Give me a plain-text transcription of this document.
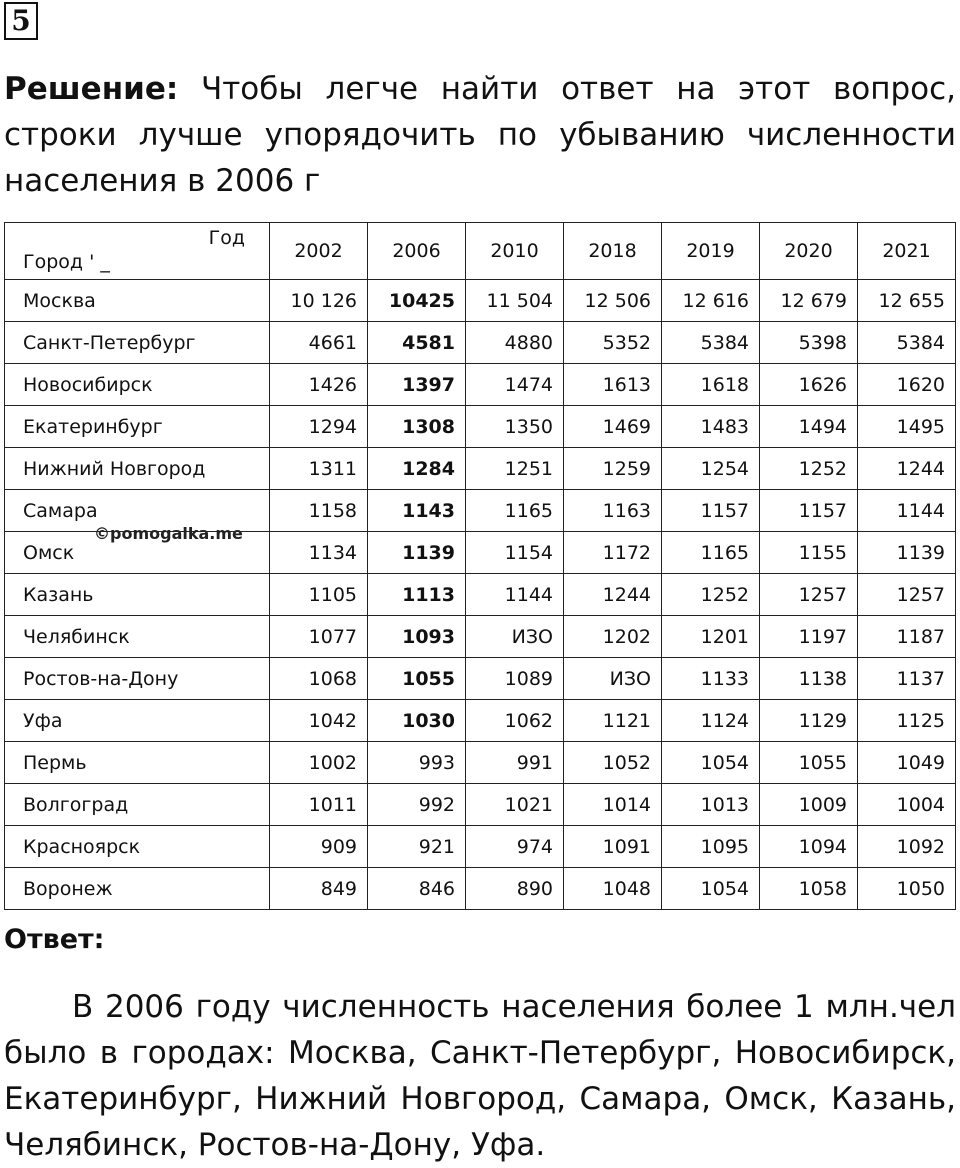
5

Решение: Чтобы легче найти ответ на этот вопрос, строки лучше упорядочить по убыванию численности населения в 2006 г

Год
Город ' _	2002	2006	2010	2018	2019	2020	2021
Москва	10 126	10425	11 504	12 506	12 616	12 679	12 655
Санкт-Петербург	4661	4581	4880	5352	5384	5398	5384
Новосибирск	1426	1397	1474	1613	1618	1626	1620
Екатеринбург	1294	1308	1350	1469	1483	1494	1495
Нижний Новгород	1311	1284	1251	1259	1254	1252	1244
Самара	1158	1143	1165	1163	1157	1157	1144
Омск	1134	1139	1154	1172	1165	1155	1139
Казань	1105	1113	1144	1244	1252	1257	1257
Челябинск	1077	1093	ИЗО	1202	1201	1197	1187
Ростов-на-Дону	1068	1055	1089	ИЗО	1133	1138	1137
Уфа	1042	1030	1062	1121	1124	1129	1125
Пермь	1002	993	991	1052	1054	1055	1049
Волгоград	1011	992	1021	1014	1013	1009	1004
Красноярск	909	921	974	1091	1095	1094	1092
Воронеж	849	846	890	1048	1054	1058	1050
©pomogalka.me

Ответ:

В 2006 году численность населения более 1 млн.чел было в городах: Москва, Санкт-Петербург, Новосибирск, Екатеринбург, Нижний Новгород, Самара, Омск, Казань, Челябинск, Ростов-на-Дону, Уфа.
